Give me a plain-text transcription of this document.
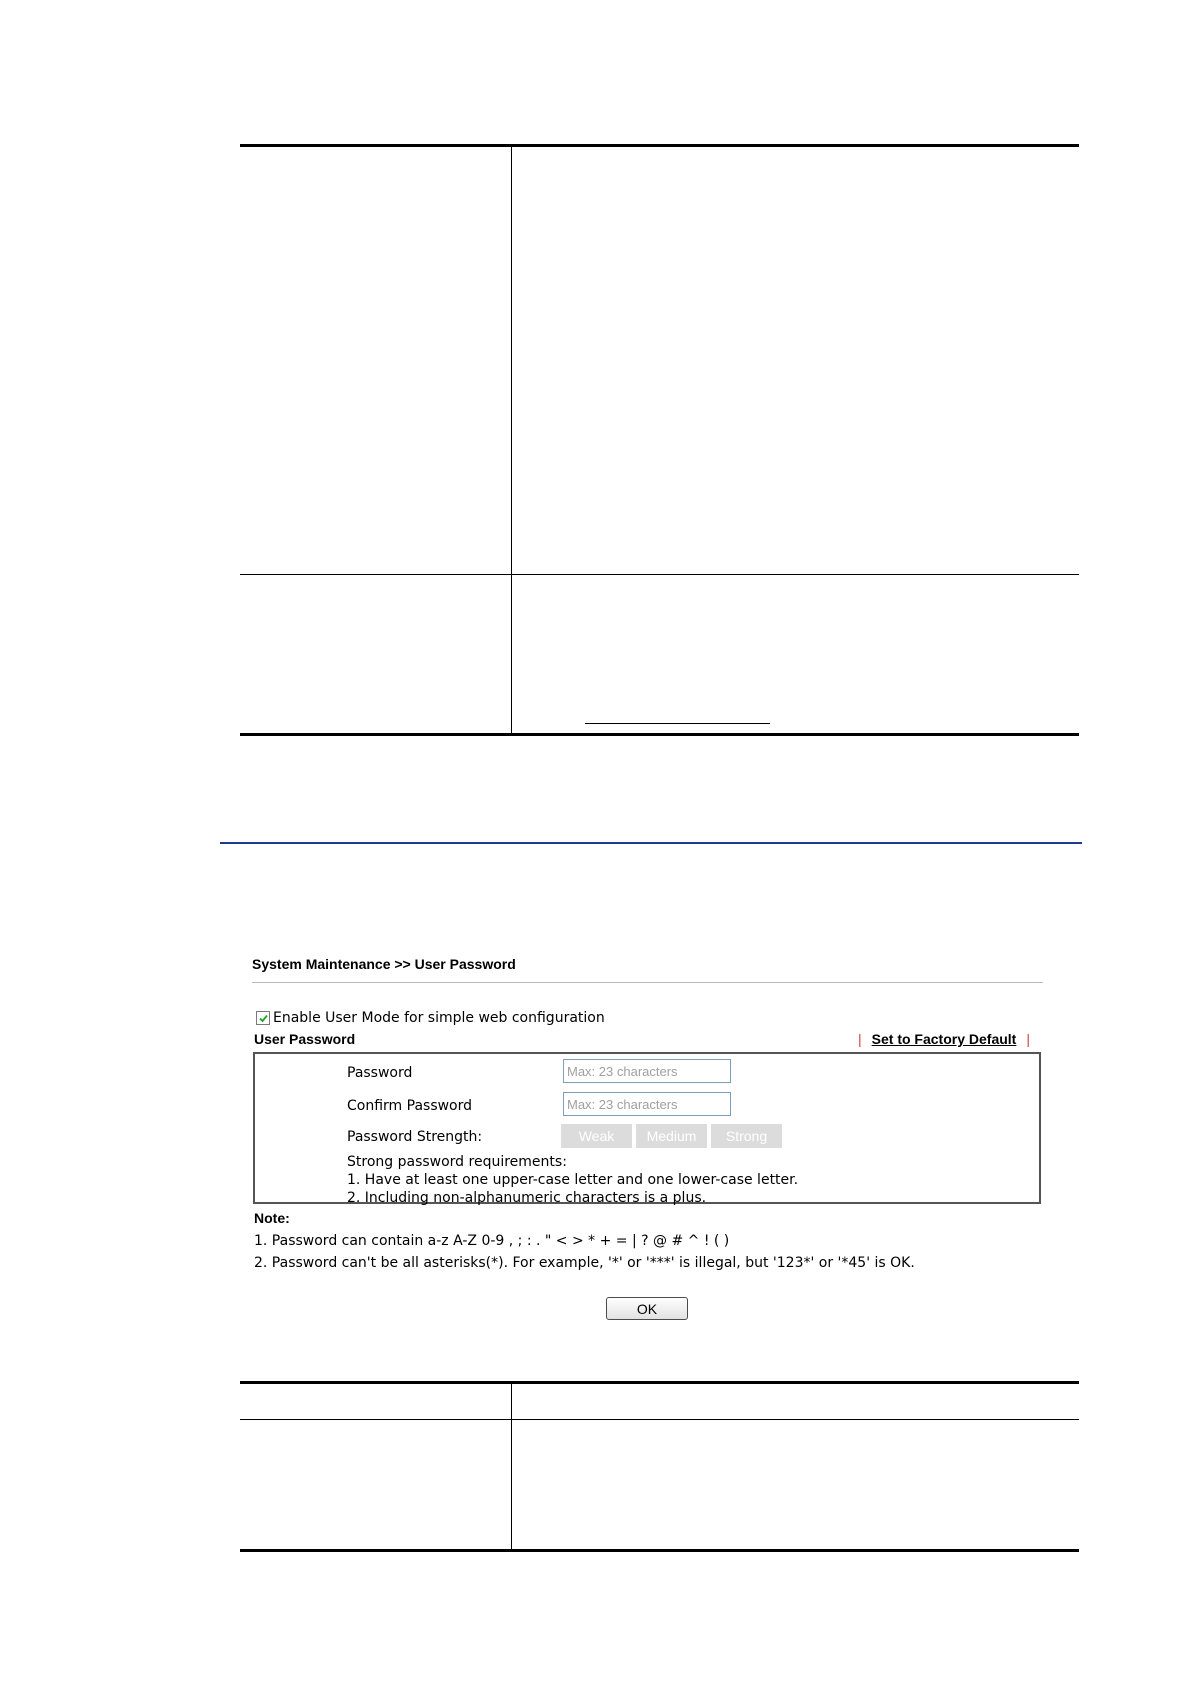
System Maintenance >> User Password
Enable User Mode for simple web configuration
User Password	| Set to Factory Default |
Password
Confirm Password
Password Strength:	Weak	Medium	Strong
Strong password requirements:
1. Have at least one upper-case letter and one lower-case letter.
2. Including non-alphanumeric characters is a plus.
Note:
1. Password can contain a-z A-Z 0-9 , ; : . " < > * + = | ? @ # ^ ! ( )
2. Password can't be all asterisks(*). For example, '*' or '***' is illegal, but '123*' or '*45' is OK.
OK
